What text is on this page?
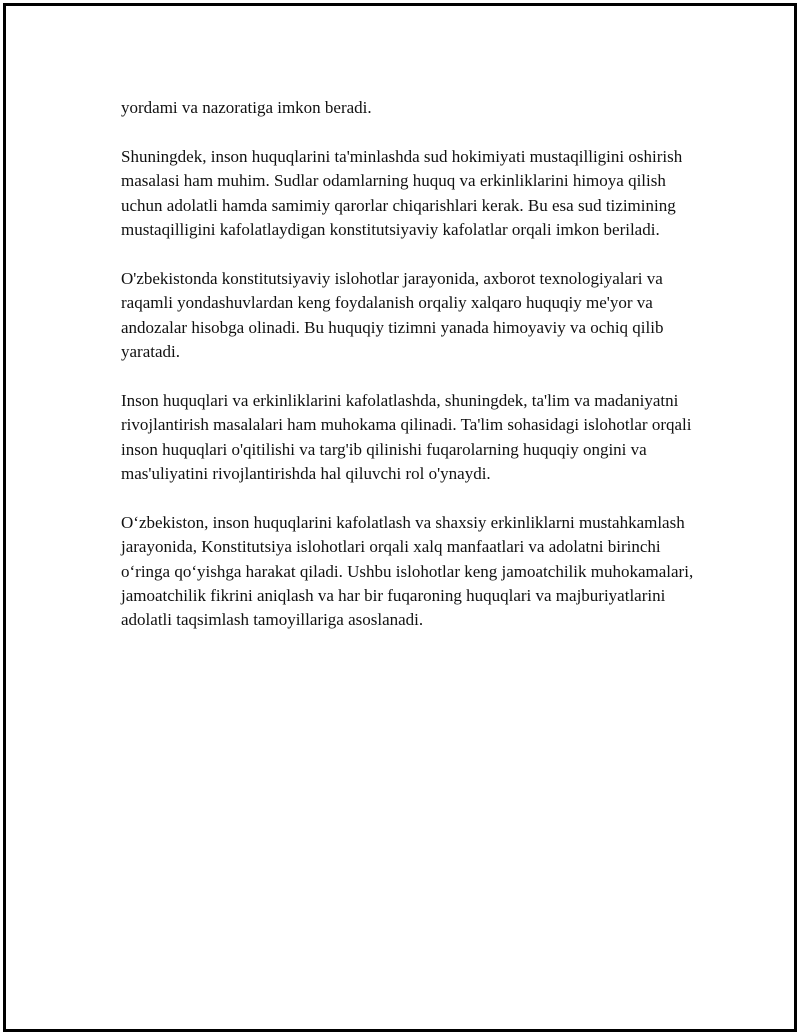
yordami va nazoratiga imkon beradi.

Shuningdek, inson huquqlarini ta'minlashda sud hokimiyati mustaqilligini oshirish masalasi ham muhim. Sudlar odamlarning huquq va erkinliklarini himoya qilish uchun adolatli hamda samimiy qarorlar chiqarishlari kerak. Bu esa sud tizimining mustaqilligini kafolatlaydigan konstitutsiyaviy kafolatlar orqali imkon beriladi.

O'zbekistonda konstitutsiyaviy islohotlar jarayonida, axborot texnologiyalari va raqamli yondashuvlardan keng foydalanish orqaliy xalqaro huquqiy me'yor va andozalar hisobga olinadi. Bu huquqiy tizimni yanada himoyaviy va ochiq qilib yaratadi.

Inson huquqlari va erkinliklarini kafolatlashda, shuningdek, ta'lim va madaniyatni rivojlantirish masalalari ham muhokama qilinadi. Ta'lim sohasidagi islohotlar orqali inson huquqlari o'qitilishi va targ'ib qilinishi fuqarolarning huquqiy ongini va mas'uliyatini rivojlantirishda hal qiluvchi rol o'ynaydi.

O‘zbekiston, inson huquqlarini kafolatlash va shaxsiy erkinliklarni mustahkamlash jarayonida, Konstitutsiya islohotlari orqali xalq manfaatlari va adolatni birinchi o‘ringa qo‘yishga harakat qiladi. Ushbu islohotlar keng jamoatchilik muhokamalari, jamoatchilik fikrini aniqlash va har bir fuqaroning huquqlari va majburiyatlarini adolatli taqsimlash tamoyillariga asoslanadi.
